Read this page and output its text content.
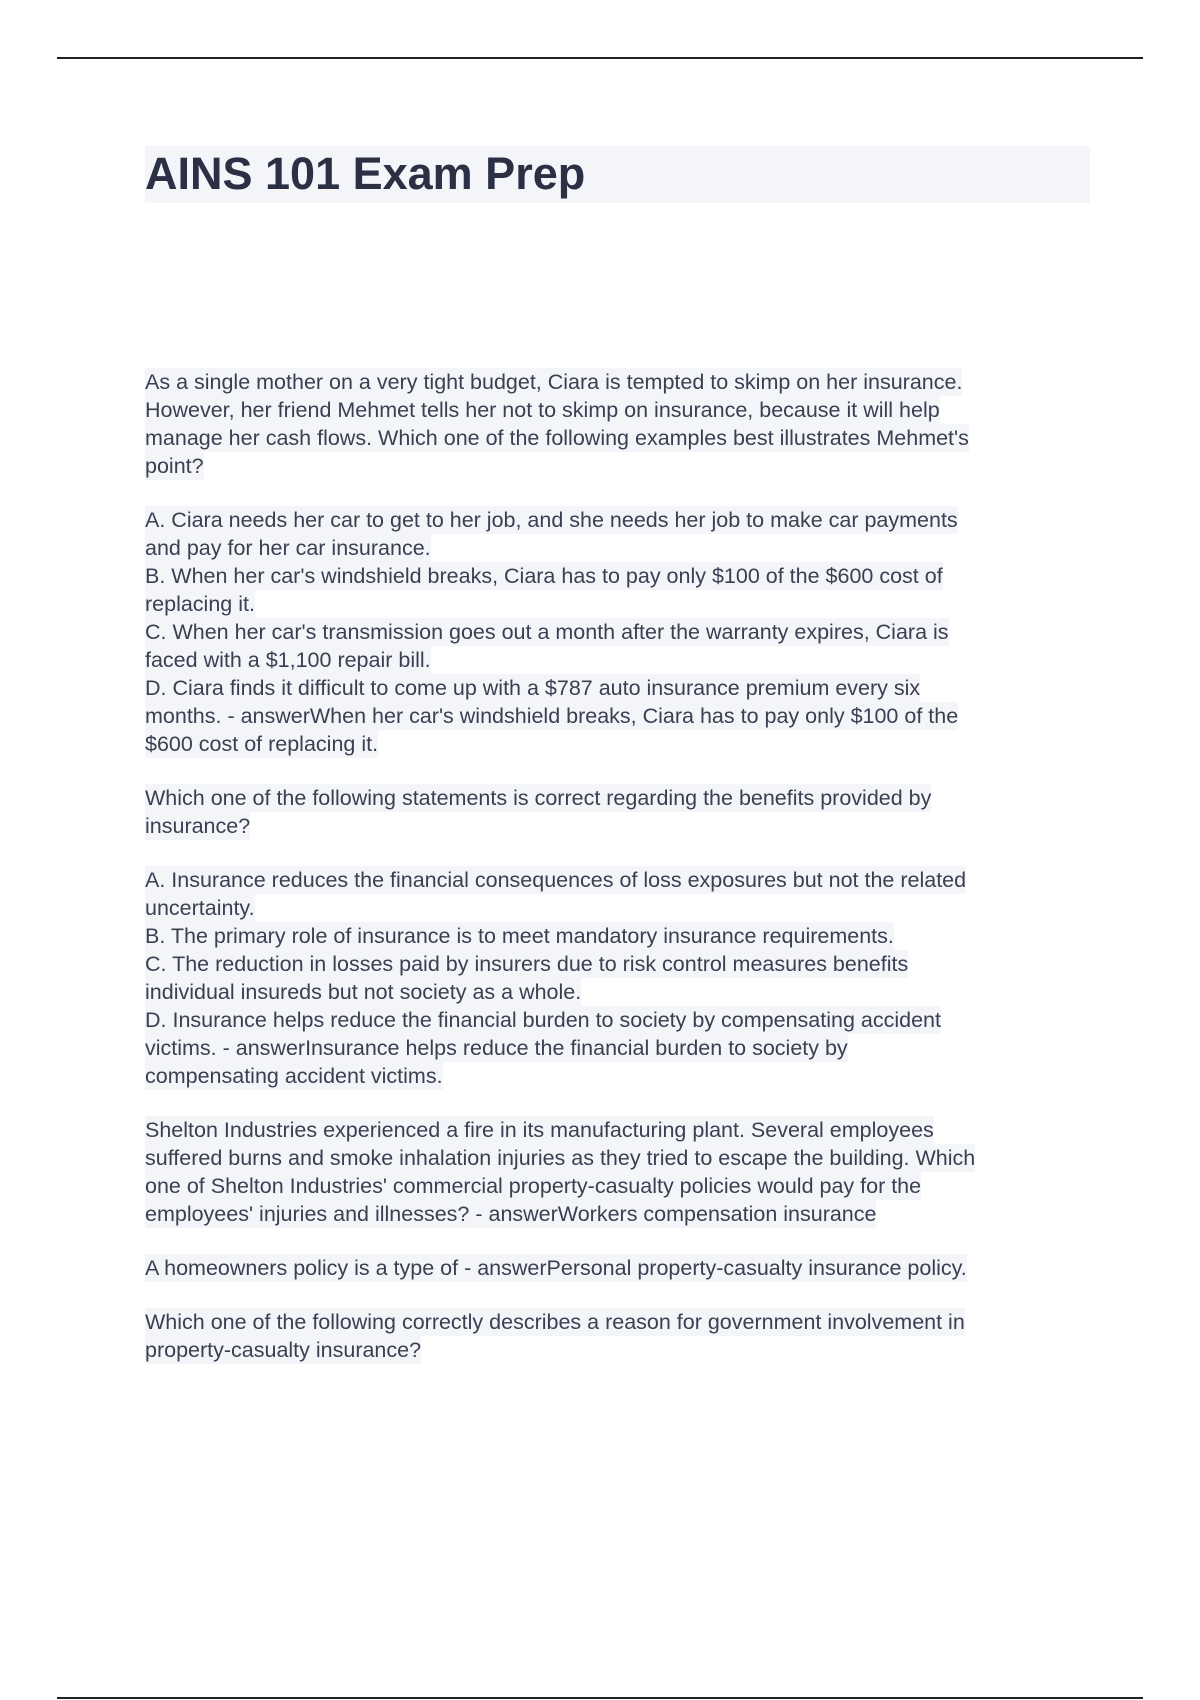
AINS 101 Exam Prep
As a single mother on a very tight budget, Ciara is tempted to skimp on her insurance.
However, her friend Mehmet tells her not to skimp on insurance, because it will help
manage her cash flows. Which one of the following examples best illustrates Mehmet's
point?
A. Ciara needs her car to get to her job, and she needs her job to make car payments
and pay for her car insurance.
B. When her car's windshield breaks, Ciara has to pay only $100 of the $600 cost of
replacing it.
C. When her car's transmission goes out a month after the warranty expires, Ciara is
faced with a $1,100 repair bill.
D. Ciara finds it difficult to come up with a $787 auto insurance premium every six
months. - answerWhen her car's windshield breaks, Ciara has to pay only $100 of the
$600 cost of replacing it.
Which one of the following statements is correct regarding the benefits provided by
insurance?
A. Insurance reduces the financial consequences of loss exposures but not the related
uncertainty.
B. The primary role of insurance is to meet mandatory insurance requirements.
C. The reduction in losses paid by insurers due to risk control measures benefits
individual insureds but not society as a whole.
D. Insurance helps reduce the financial burden to society by compensating accident
victims. - answerInsurance helps reduce the financial burden to society by
compensating accident victims.
Shelton Industries experienced a fire in its manufacturing plant. Several employees
suffered burns and smoke inhalation injuries as they tried to escape the building. Which
one of Shelton Industries' commercial property-casualty policies would pay for the
employees' injuries and illnesses? - answerWorkers compensation insurance
A homeowners policy is a type of - answerPersonal property-casualty insurance policy.
Which one of the following correctly describes a reason for government involvement in
property-casualty insurance?
